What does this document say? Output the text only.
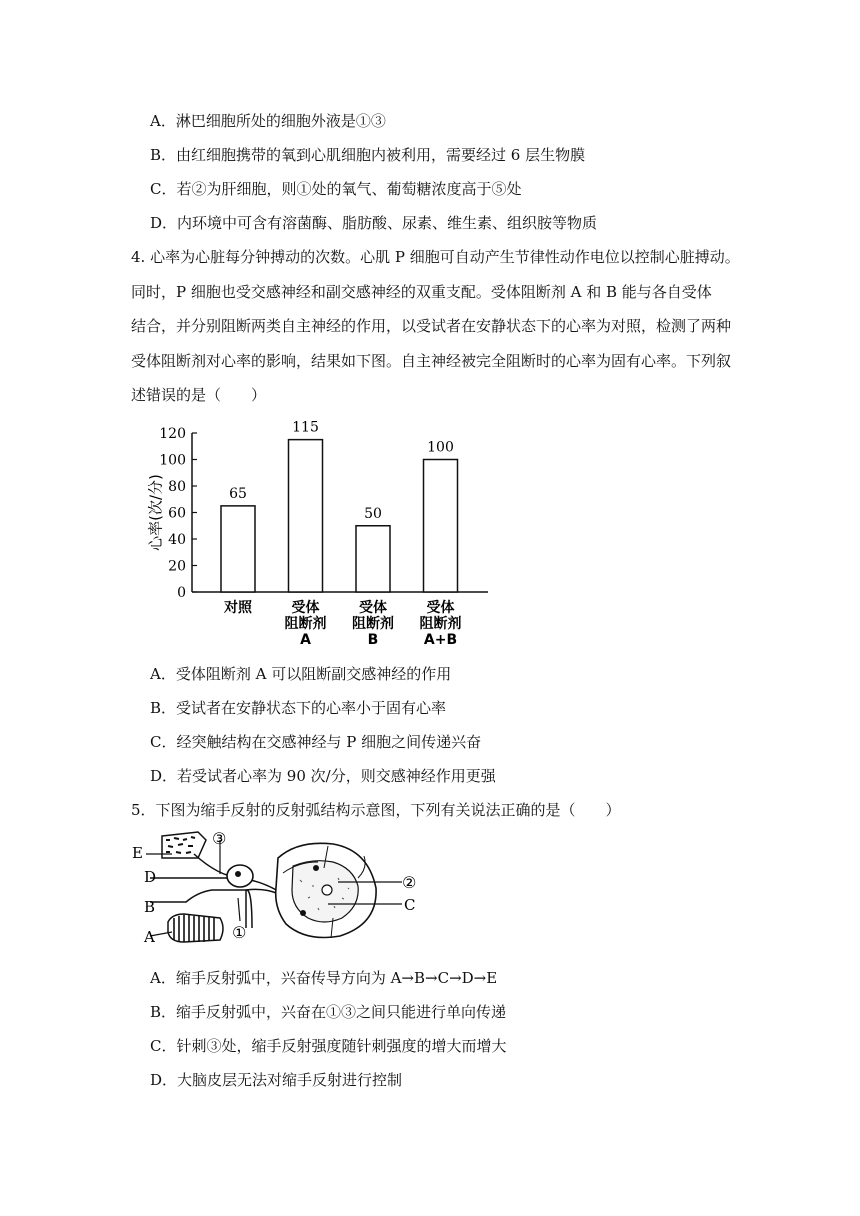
A．淋巴细胞所处的细胞外液是①③
B．由红细胞携带的氧到心肌细胞内被利用，需要经过 6 层生物膜
C．若②为肝细胞，则①处的氧气、葡萄糖浓度高于⑤处
D．内环境中可含有溶菌酶、脂肪酸、尿素、维生素、组织胺等物质

4. 心率为心脏每分钟搏动的次数。心肌 P 细胞可自动产生节律性动作电位以控制心脏搏动。

同时，P 细胞也受交感神经和副交感神经的双重支配。受体阻断剂 A 和 B 能与各自受体

结合，并分别阻断两类自主神经的作用，以受试者在安静状态下的心率为对照，检测了两种

受体阻断剂对心率的影响，结果如下图。自主神经被完全阻断时的心率为固有心率。下列叙

述错误的是（　　）

心率(次/分)
0
20
40
60
80
100
120
65
115
50
100
对照	受体阻断剂 A
受体阻断剂 B
受体阻断剂 A+B
A．受体阻断剂 A 可以阻断副交感神经的作用
B．受试者在安静状态下的心率小于固有心率
C．经突触结构在交感神经与 P 细胞之间传递兴奋
D．若受试者心率为 90 次/分，则交感神经作用更强
5．下图为缩手反射的反射弧结构示意图，下列有关说法正确的是（　　）
E
D
B
A
C
③
①
②
A．缩手反射弧中，兴奋传导方向为 A→B→C→D→E
B．缩手反射弧中，兴奋在①③之间只能进行单向传递
C．针刺③处，缩手反射强度随针刺强度的增大而增大
D．大脑皮层无法对缩手反射进行控制
